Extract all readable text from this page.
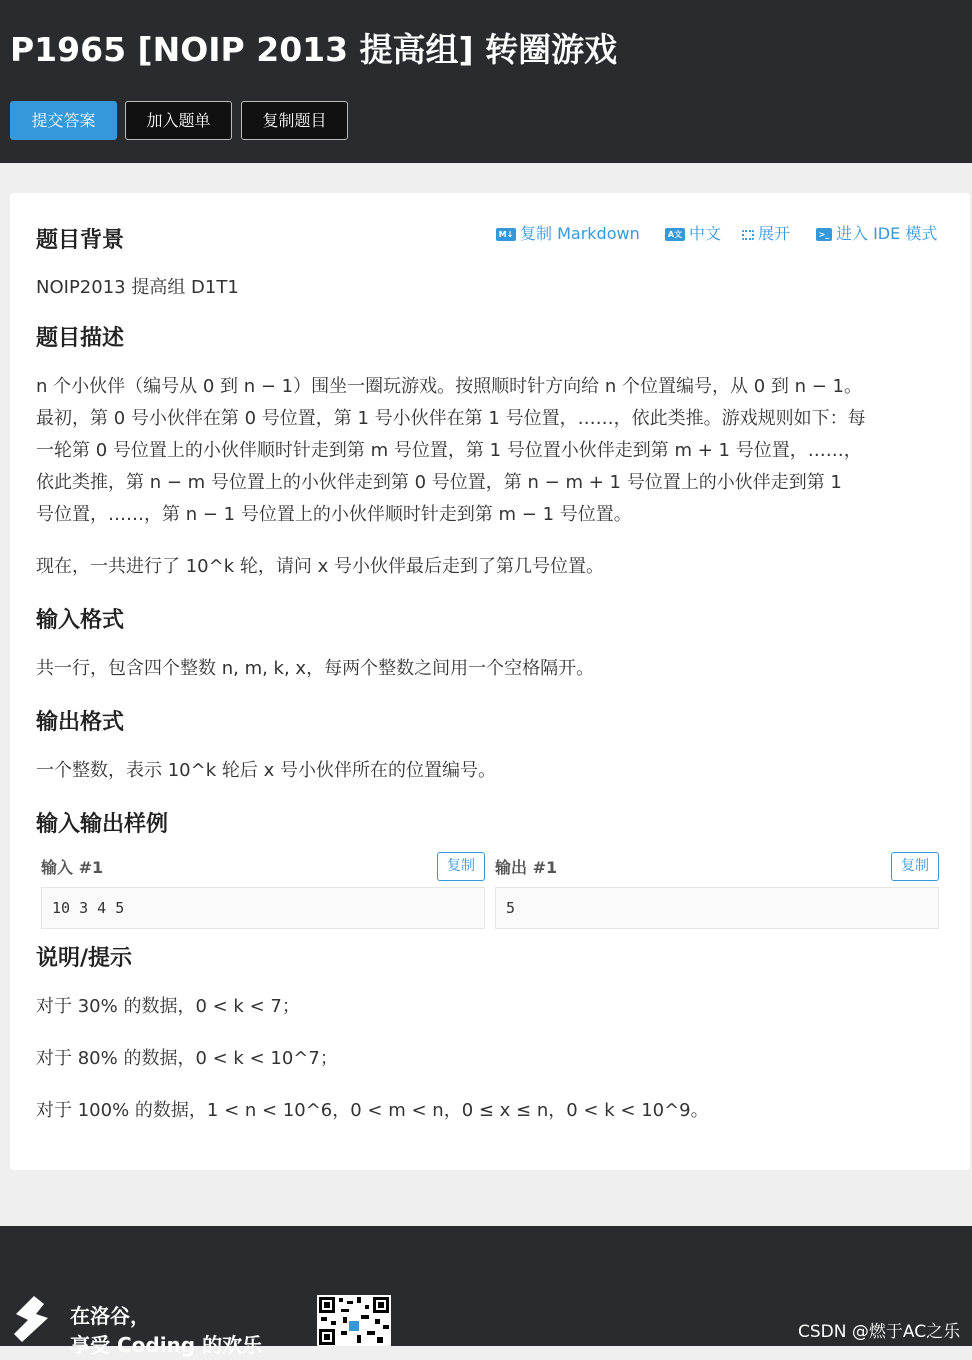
P1965 [NOIP 2013 提高组] 转圈游戏
提交答案	加入题单	复制题目
题目背景	M↓ 复制 Markdown	A文 中文	展开	>_ 进入 IDE 模式
NOIP2013 提高组 D1T1
题目描述
n 个小伙伴（编号从 0 到 n − 1）围坐一圈玩游戏。按照顺时针方向给 n 个位置编号，从 0 到 n − 1。
最初，第 0 号小伙伴在第 0 号位置，第 1 号小伙伴在第 1 号位置，……，依此类推。游戏规则如下：每
一轮第 0 号位置上的小伙伴顺时针走到第 m 号位置，第 1 号位置小伙伴走到第 m + 1 号位置，……，
依此类推，第 n − m 号位置上的小伙伴走到第 0 号位置，第 n − m + 1 号位置上的小伙伴走到第 1
号位置，……，第 n − 1 号位置上的小伙伴顺时针走到第 m − 1 号位置。
现在，一共进行了 10^k 轮，请问 x 号小伙伴最后走到了第几号位置。
输入格式
共一行，包含四个整数 n, m, k, x，每两个整数之间用一个空格隔开。
输出格式
一个整数，表示 10^k 轮后 x 号小伙伴所在的位置编号。
输入输出样例
输入 #1	复制
10 3 4 5
输出 #1	复制
5
说明/提示
对于 30% 的数据，0 < k < 7；
对于 80% 的数据，0 < k < 10^7；
对于 100% 的数据，1 < n < 10^6，0 < m < n，0 ≤ x ≤ n，0 < k < 10^9。
在洛谷，
享受 Coding 的欢乐
CSDN @燃于AC之乐
